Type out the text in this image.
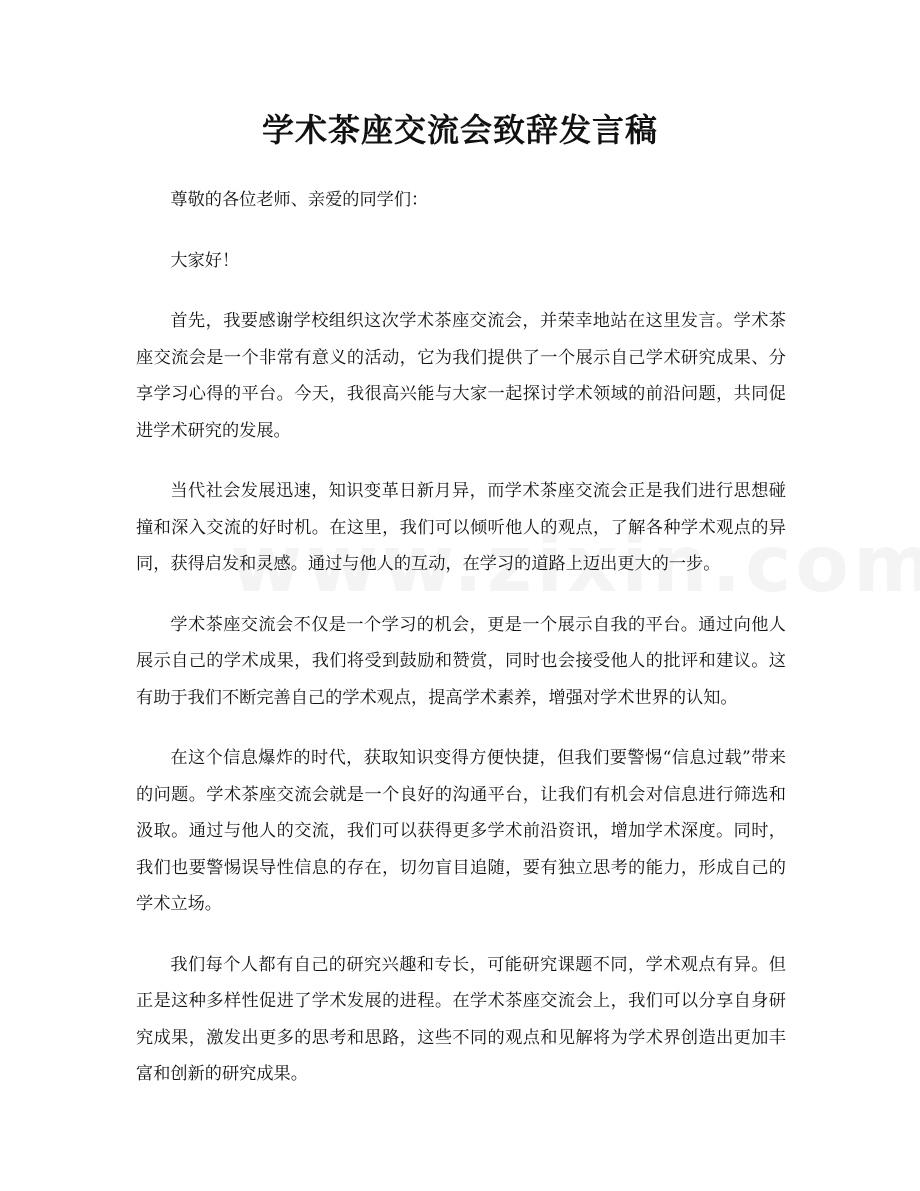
学术茶座交流会致辞发言稿

尊敬的各位老师、亲爱的同学们：

大家好！

首先，我要感谢学校组织这次学术茶座交流会，并荣幸地站在这里发言。学术茶座交流会是一个非常有意义的活动，它为我们提供了一个展示自己学术研究成果、分享学习心得的平台。今天，我很高兴能与大家一起探讨学术领域的前沿问题，共同促进学术研究的发展。

当代社会发展迅速，知识变革日新月异，而学术茶座交流会正是我们进行思想碰撞和深入交流的好时机。在这里，我们可以倾听他人的观点，了解各种学术观点的异同，获得启发和灵感。通过与他人的互动，在学习的道路上迈出更大的一步。

学术茶座交流会不仅是一个学习的机会，更是一个展示自我的平台。通过向他人展示自己的学术成果，我们将受到鼓励和赞赏，同时也会接受他人的批评和建议。这有助于我们不断完善自己的学术观点，提高学术素养，增强对学术世界的认知。

在这个信息爆炸的时代，获取知识变得方便快捷，但我们要警惕“信息过载”带来的问题。学术茶座交流会就是一个良好的沟通平台，让我们有机会对信息进行筛选和汲取。通过与他人的交流，我们可以获得更多学术前沿资讯，增加学术深度。同时，我们也要警惕误导性信息的存在，切勿盲目追随，要有独立思考的能力，形成自己的学术立场。

我们每个人都有自己的研究兴趣和专长，可能研究课题不同，学术观点有异。但正是这种多样性促进了学术发展的进程。在学术茶座交流会上，我们可以分享自身研究成果，激发出更多的思考和思路，这些不同的观点和见解将为学术界创造出更加丰富和创新的研究成果。
